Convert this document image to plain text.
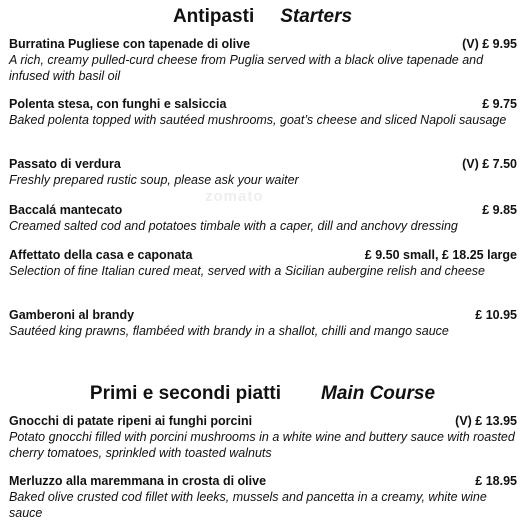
zomato
Antipasti Starters
Burratina Pugliese con tapenade di olive	(V) £ 9.95

A rich, creamy pulled-curd cheese from Puglia served with a black olive tapenade and infused with basil oil

Polenta stesa, con funghi e salsiccia	£ 9.75

Baked polenta topped with sautéed mushrooms, goat’s cheese and sliced Napoli sausage

Passato di verdura	(V) £ 7.50

Freshly prepared rustic soup, please ask your waiter

Baccalá mantecato	£ 9.85

Creamed salted cod and potatoes timbale with a caper, dill and anchovy dressing

Affettato della casa e caponata	£ 9.50 small, £ 18.25 large

Selection of fine Italian cured meat, served with a Sicilian aubergine relish and cheese

Gamberoni al brandy	£ 10.95

Sautéed king prawns, flambéed with brandy in a shallot, chilli and mango sauce

Primi e secondi piatti Main Course
Gnocchi di patate ripeni ai funghi porcini	(V) £ 13.95

Potato gnocchi filled with porcini mushrooms in a white wine and buttery sauce with roasted cherry tomatoes, sprinkled with toasted walnuts

Merluzzo alla maremmana in crosta di olive	£ 18.95

Baked olive crusted cod fillet with leeks, mussels and pancetta in a creamy, white wine sauce
